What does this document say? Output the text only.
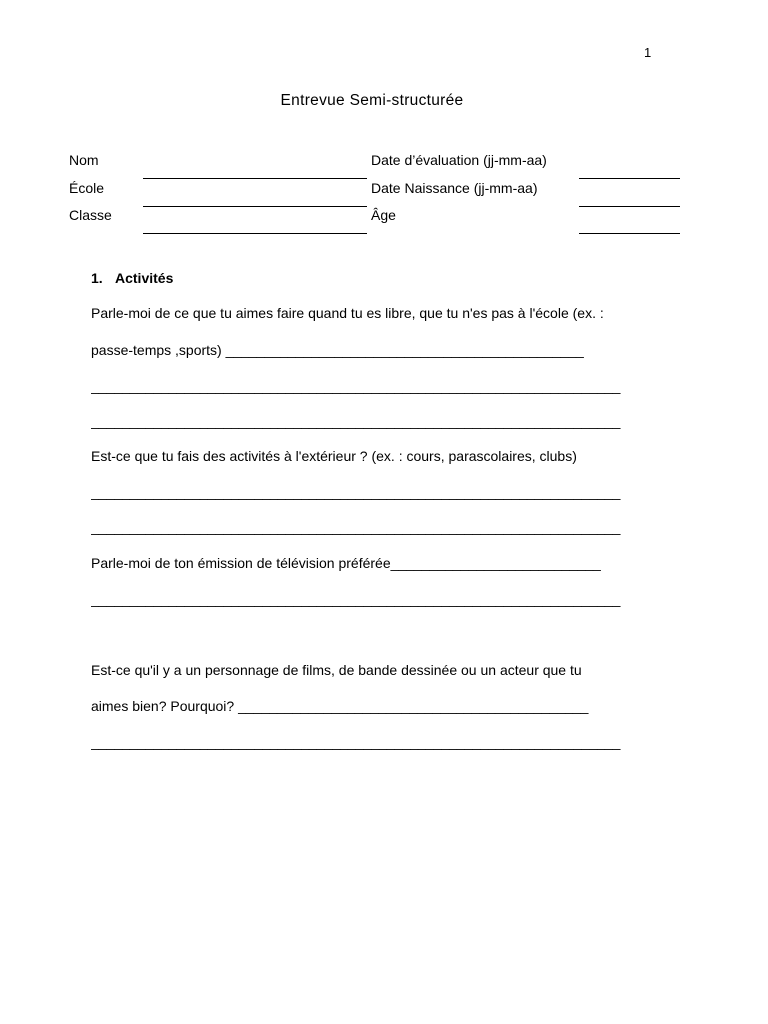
1
Entrevue Semi-structurée
Nom
École
Classe
Date d’évaluation (jj-mm-aa)
Date Naissance (jj-mm-aa)
Âge
1. Activités
Parle-moi de ce que tu aimes faire quand tu es libre, que tu n'es pas à l'école (ex. :
passe-temps ,sports) ______________________________________________
____________________________________________________________________
____________________________________________________________________
Est-ce que tu fais des activités à l'extérieur ? (ex. : cours, parascolaires, clubs)
____________________________________________________________________
____________________________________________________________________
Parle-moi de ton émission de télévision préférée___________________________
____________________________________________________________________
Est-ce qu'il y a un personnage de films, de bande dessinée ou un acteur que tu
aimes bien? Pourquoi? _____________________________________________
____________________________________________________________________
